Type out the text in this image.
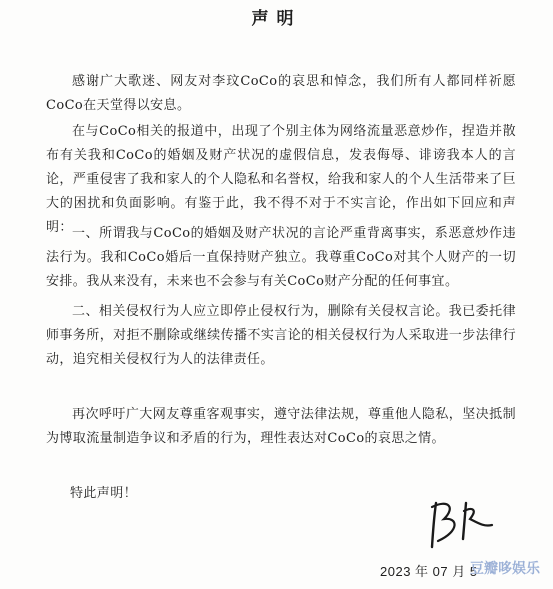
声明
感谢广大歌迷、网友对李玟CoCo的哀思和悼念，我们所有人都同样祈愿CoCo在天堂得以安息。
在与CoCo相关的报道中，出现了个别主体为网络流量恶意炒作，捏造并散布有关我和CoCo的婚姻及财产状况的虚假信息，发表侮辱、诽谤我本人的言论，严重侵害了我和家人的个人隐私和名誉权，给我和家人的个人生活带来了巨大的困扰和负面影响。有鉴于此，我不得不对于不实言论，作出如下回应和声明： 一、所谓我与CoCo的婚姻及财产状况的言论严重背离事实，系恶意炒作违法行为。我和CoCo婚后一直保持财产独立。我尊重CoCo对其个人财产的一切安排。我从来没有，未来也不会参与有关CoCo财产分配的任何事宜。
二、相关侵权行为人应立即停止侵权行为，删除有关侵权言论。我已委托律师事务所，对拒不删除或继续传播不实言论的相关侵权行为人采取进一步法律行动，追究相关侵权行为人的法律责任。
再次呼吁广大网友尊重客观事实，遵守法律法规，尊重他人隐私，坚决抵制为博取流量制造争议和矛盾的行为，理性表达对CoCo的哀思之情。
特此声明！
2023 年 07 月 5
豆瓣哆娱乐
